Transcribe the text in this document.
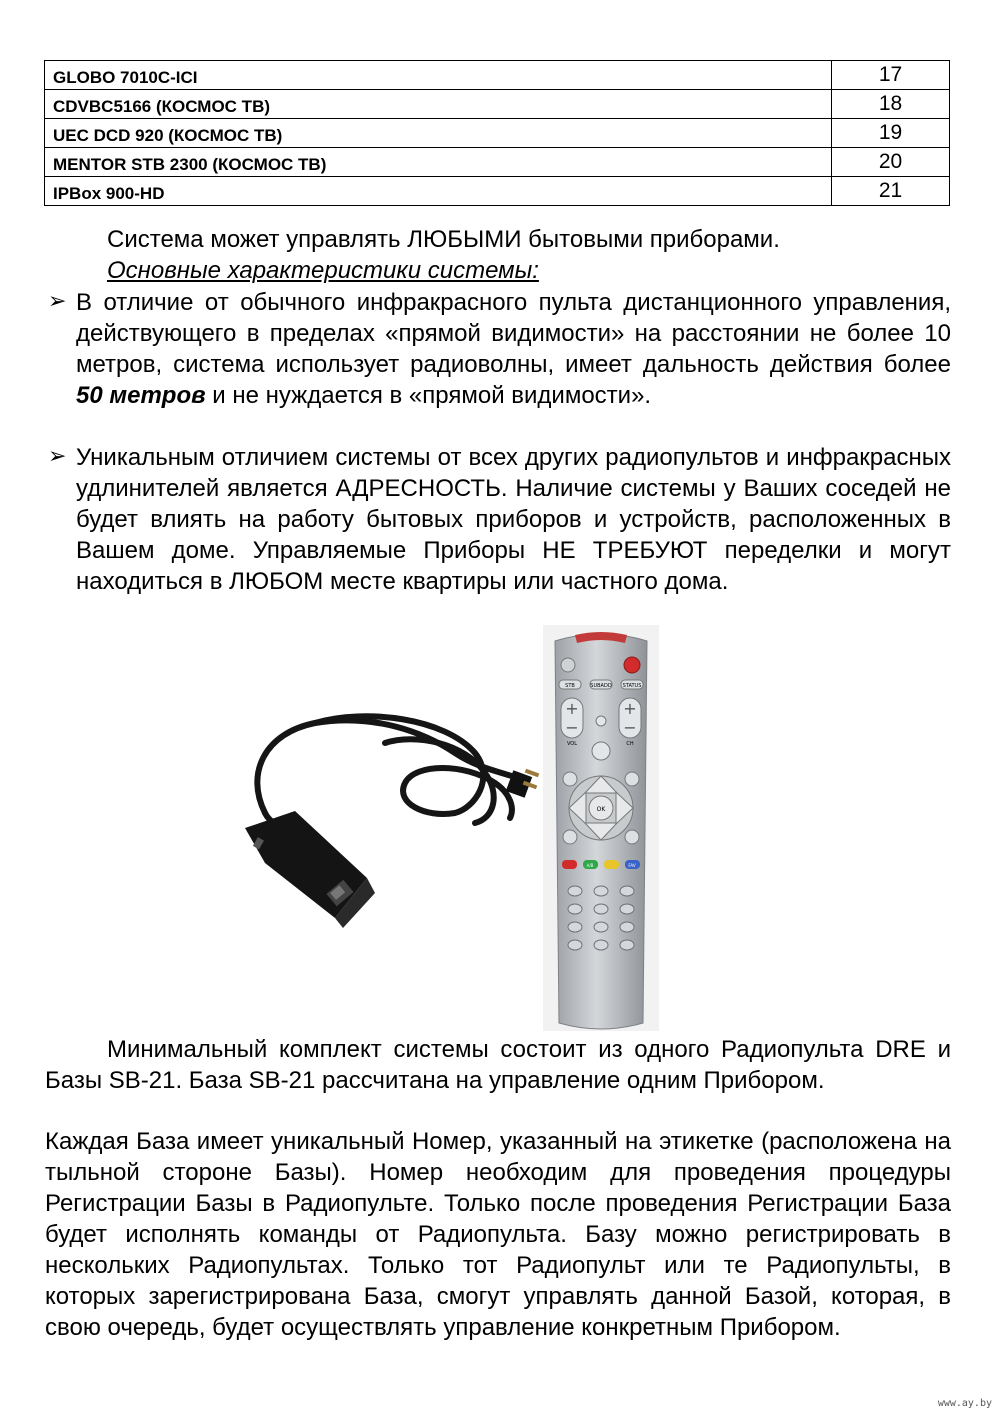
GLOBO 7010C-ICI	17
CDVBC5166 (КОСМОС ТВ)	18
UEC DCD 920 (КОСМОС ТВ)	19
MENTOR STB 2300 (КОСМОС ТВ)	20
IPBox 900-HD	21

Система может управлять ЛЮБЫМИ бытовыми приборами.

Основные характеристики системы:

➢ В отличие от обычного инфракрасного пульта дистанционного управления, действующего в пределах «прямой видимости» на расстоянии не более 10 метров, система использует радиоволны, имеет дальность действия более 50 метров и не нуждается в «прямой видимости».

➢ Уникальным отличием системы от всех других радиопультов и инфракрасных удлинителей является АДРЕСНОСТЬ. Наличие системы у Ваших соседей не будет влиять на работу бытовых приборов и устройств, расположенных в Вашем доме. Управляемые Приборы НЕ ТРЕБУЮТ переделки и могут находиться в ЛЮБОМ месте квартиры или частного дома.

STB	SUBADD STATUS
+
−
+
−
VOL	CH
OK
A/B	FAV

Минимальный комплект системы состоит из одного Радиопульта DRE и Базы SB-21. База SB-21 рассчитана на управление одним Прибором.

Каждая База имеет уникальный Номер, указанный на этикетке (расположена на тыльной стороне Базы). Номер необходим для проведения процедуры Регистрации Базы в Радиопульте. Только после проведения Регистрации База будет исполнять команды от Радиопульта. Базу можно регистрировать в нескольких Радиопультах. Только тот Радиопульт или те Радиопульты, в которых зарегистрирована База, смогут управлять данной Базой, которая, в свою очередь, будет осуществлять управление конкретным Прибором.

www.ay.by
